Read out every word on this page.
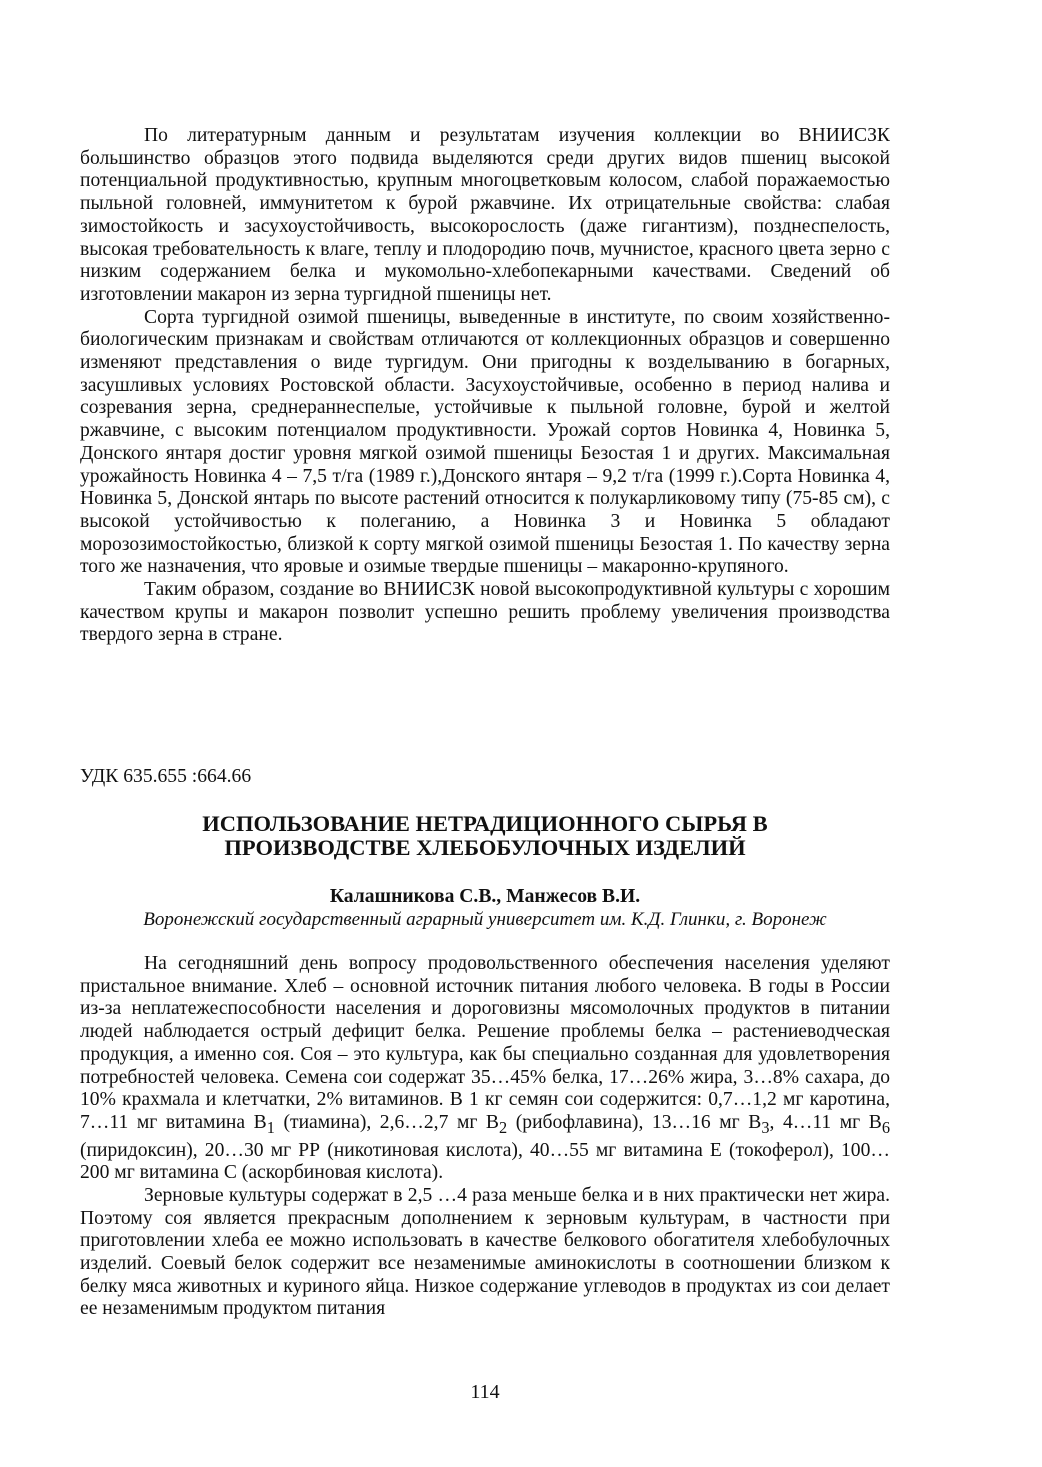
По литературным данным и результатам изучения коллекции во ВНИИСЗК большинство образцов этого подвида выделяются среди других видов пшениц высокой потенциальной продуктивностью, крупным многоцветковым колосом, слабой поражаемостью пыльной головней, иммунитетом к бурой ржавчине. Их отрицательные свойства: слабая зимостойкость и засухоустойчивость, высокорослость (даже гигантизм), позднеспелость, высокая требовательность к влаге, теплу и плодородию почв, мучнистое, красного цвета зерно с низким содержанием белка и мукомольно-хлебопекарными качествами. Сведений об изготовлении макарон из зерна тургидной пшеницы нет.

Сорта тургидной озимой пшеницы, выведенные в институте, по своим хозяйственно-биологическим признакам и свойствам отличаются от коллекционных образцов и совершенно изменяют представления о виде тургидум. Они пригодны к возделыванию в богарных, засушливых условиях Ростовской области. Засухоустойчивые, особенно в период налива и созревания зерна, среднераннеспелые, устойчивые к пыльной головне, бурой и желтой ржавчине, с высоким потенциалом продуктивности. Урожай сортов Новинка 4, Новинка 5, Донского янтаря достиг уровня мягкой озимой пшеницы Безостая 1 и других. Максимальная урожайность Новинка 4 – 7,5 т/га (1989 г.),Донского янтаря – 9,2 т/га (1999 г.).Сорта Новинка 4, Новинка 5, Донской янтарь по высоте растений относится к полукарликовому типу (75-85 см), с высокой устойчивостью к полеганию, а Новинка 3 и Новинка 5 обладают морозозимостойкостью, близкой к сорту мягкой озимой пшеницы Безостая 1. По качеству зерна того же назначения, что яровые и озимые твердые пшеницы – макаронно-крупяного.

Таким образом, создание во ВНИИСЗК новой высокопродуктивной культуры с хорошим качеством крупы и макарон позволит успешно решить проблему увеличения производства твердого зерна в стране.

УДК 635.655 :664.66
ИСПОЛЬЗОВАНИЕ НЕТРАДИЦИОННОГО СЫРЬЯ В
ПРОИЗВОДСТВЕ ХЛЕБОБУЛОЧНЫХ ИЗДЕЛИЙ
Калашникова С.В., Манжесов В.И.
Воронежский государственный аграрный университет им. К.Д. Глинки, г. Воронеж

На сегодняшний день вопросу продовольственного обеспечения населения уделяют пристальное внимание. Хлеб – основной источник питания любого человека. В годы в России из-за неплатежеспособности населения и дороговизны мясомолочных продуктов в питании людей наблюдается острый дефицит белка. Решение проблемы белка – растениеводческая продукция, а именно соя. Соя – это культура, как бы специально созданная для удовлетворения потребностей человека. Семена сои содержат 35…45% белка, 17…26% жира, 3…8% сахара, до 10% крахмала и клетчатки, 2% витаминов. В 1 кг семян сои содержится: 0,7…1,2 мг каротина, 7…11 мг витамина $В_1$ (тиамина), 2,6…2,7 мг $В_2$ (рибофлавина), 13…16 мг $В_3$, 4…11 мг $В_6$ (пиридоксин), 20…30 мг РР (никотиновая кислота), 40…55 мг витамина Е (токоферол), 100…200 мг витамина С (аскорбиновая кислота).

Зерновые культуры содержат в 2,5 …4 раза меньше белка и в них практически нет жира. Поэтому соя является прекрасным дополнением к зерновым культурам, в частности при приготовлении хлеба ее можно использовать в качестве белкового обогатителя хлебобулочных изделий. Соевый белок содержит все незаменимые аминокислоты в соотношении близком к белку мяса животных и куриного яйца. Низкое содержание углеводов в продуктах из сои делает ее незаменимым продуктом питания

114
